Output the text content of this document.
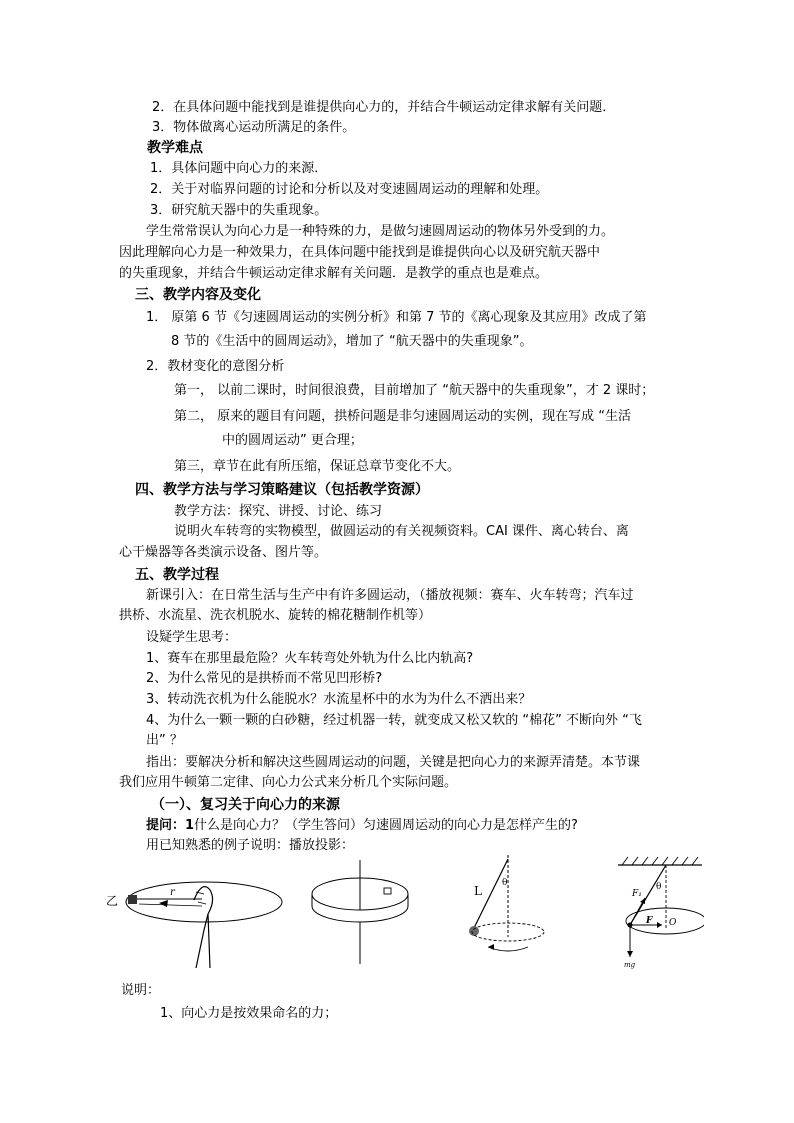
2．在具体问题中能找到是谁提供向心力的，并结合牛顿运动定律求解有关问题．
3．物体做离心运动所满足的条件。
教学难点
1．具体问题中向心力的来源．
2．关于对临界问题的讨论和分析以及对变速圆周运动的理解和处理。
3．研究航天器中的失重现象。
学生常常误认为向心力是一种特殊的力，是做匀速圆周运动的物体另外受到的力。
因此理解向心力是一种效果力，在具体问题中能找到是谁提供向心以及研究航天器中
的失重现象，并结合牛顿运动定律求解有关问题．是教学的重点也是难点。
三、教学内容及变化
1． 原第 6 节《匀速圆周运动的实例分析》和第 7 节的《离心现象及其应用》改成了第
8 节的《生活中的圆周运动》，增加了 “航天器中的失重现象”。
2．教材变化的意图分析
第一， 以前二课时，时间很浪费，目前增加了 “航天器中的失重现象”，才 2 课时；
第二， 原来的题目有问题，拱桥问题是非匀速圆周运动的实例，现在写成 “生活
中的圆周运动” 更合理；
第三，章节在此有所压缩，保证总章节变化不大。
四、教学方法与学习策略建议（包括教学资源）
教学方法：探究、讲授、讨论、练习
说明火车转弯的实物模型，做圆运动的有关视频资料。CAI 课件、离心转台、离
心干燥器等各类演示设备、图片等。
五、教学过程
新课引入：在日常生活与生产中有许多圆运动，（播放视频：赛车、火车转弯；汽车过
拱桥、水流星、洗衣机脱水、旋转的棉花糖制作机等）
设疑学生思考：
1、赛车在那里最危险？火车转弯处外轨为什么比内轨高?
2、为什么常见的是拱桥而不常见凹形桥?
3、转动洗衣机为什么能脱水？水流星杯中的水为为什么不洒出来？
4、为什么一颗一颗的白砂糖，经过机器一转，就变成又松又软的 “棉花” 不断向外 “飞
出” ？
指出：要解决分析和解决这些圆周运动的问题，关键是把向心力的来源弄清楚。本节课
我们应用牛顿第二定律、向心力公式来分析几个实际问题。
（一）、复习关于向心力的来源
提问：1什么是向心力？（学生答问）匀速圆周运动的向心力是怎样产生的?
用已知熟悉的例子说明：播放投影：
乙
r	L
θ
F₁
θ
F O
mg
说明：
1、向心力是按效果命名的力；
